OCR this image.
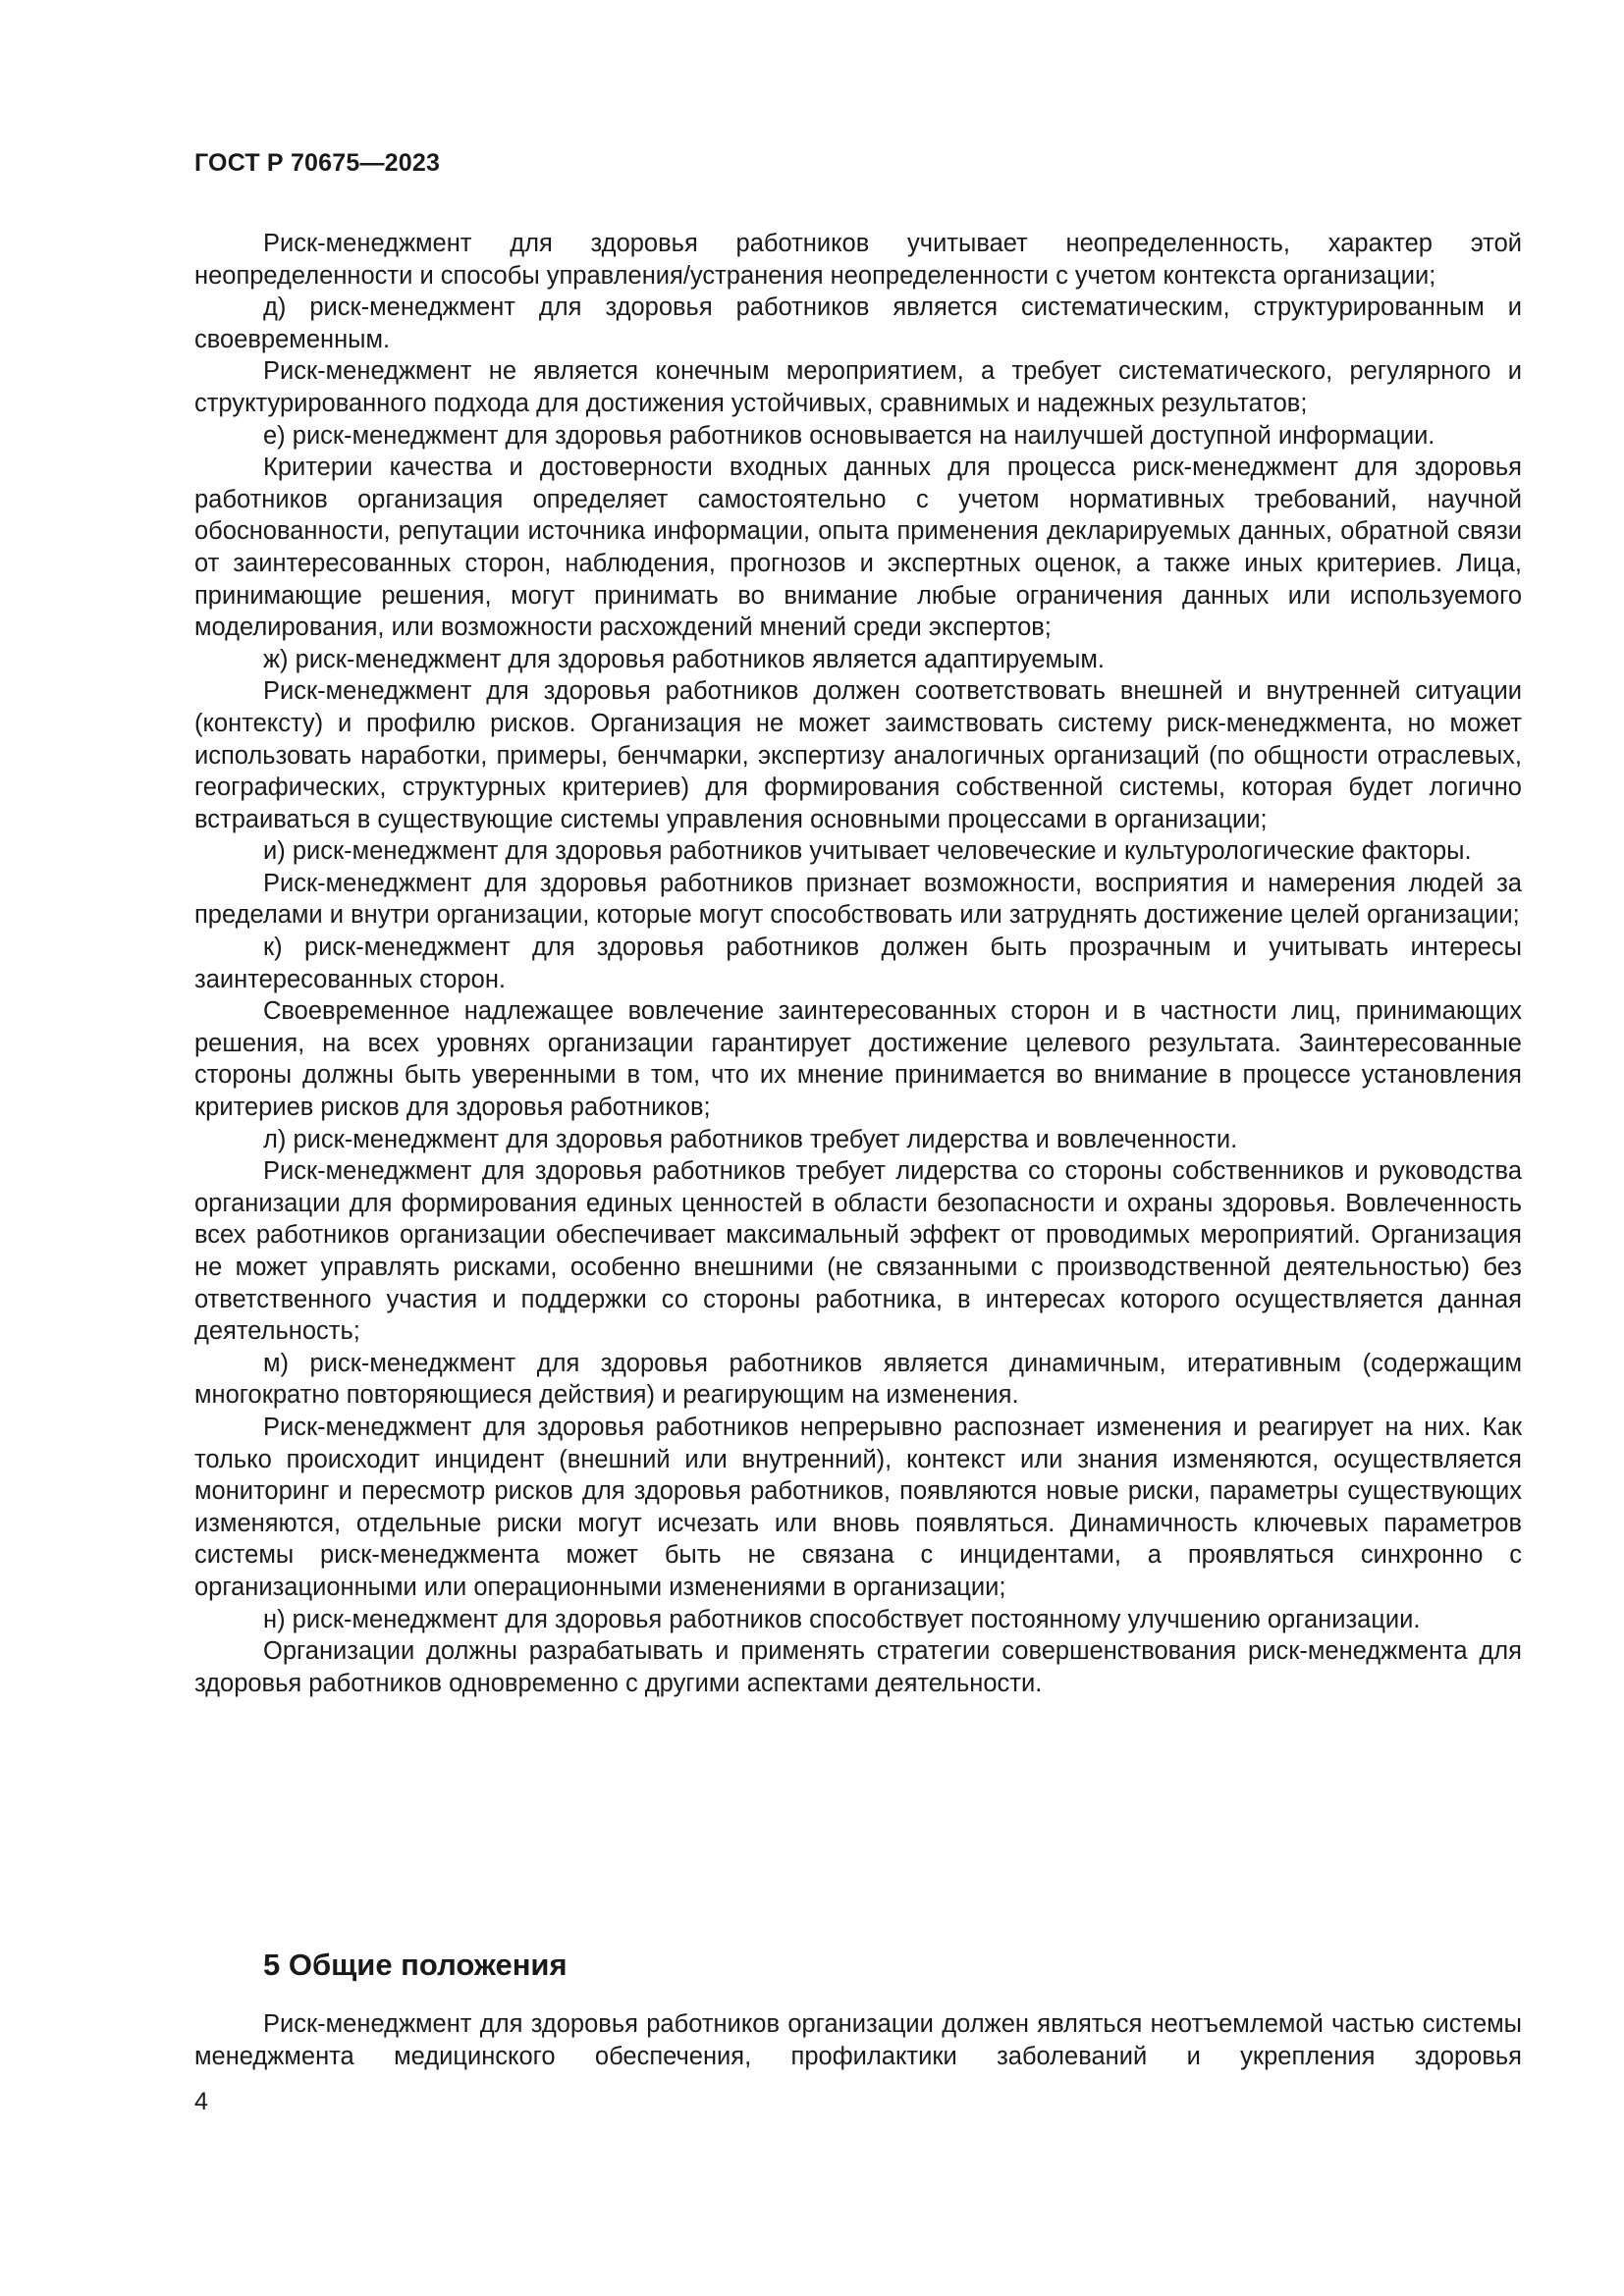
ГОСТ Р 70675—2023

Риск-менеджмент для здоровья работников учитывает неопределенность, характер этой неопределенности и способы управления/устранения неопределенности с учетом контекста организации;

д) риск-менеджмент для здоровья работников является систематическим, структурированным и своевременным.

Риск-менеджмент не является конечным мероприятием, а требует систематического, регулярного и структурированного подхода для достижения устойчивых, сравнимых и надежных результатов;

е) риск-менеджмент для здоровья работников основывается на наилучшей доступной информации.

Критерии качества и достоверности входных данных для процесса риск-менеджмент для здоровья работников организация определяет самостоятельно с учетом нормативных требований, научной обоснованности, репутации источника информации, опыта применения декларируемых данных, обратной связи от заинтересованных сторон, наблюдения, прогнозов и экспертных оценок, а также иных критериев. Лица, принимающие решения, могут принимать во внимание любые ограничения данных или используемого моделирования, или возможности расхождений мнений среди экспертов;

ж) риск-менеджмент для здоровья работников является адаптируемым.

Риск-менеджмент для здоровья работников должен соответствовать внешней и внутренней ситуации (контексту) и профилю рисков. Организация не может заимствовать систему риск-менеджмента, но может использовать наработки, примеры, бенчмарки, экспертизу аналогичных организаций (по общности отраслевых, географических, структурных критериев) для формирования собственной системы, которая будет логично встраиваться в существующие системы управления основными процессами в организации;

и) риск-менеджмент для здоровья работников учитывает человеческие и культурологические факторы.

Риск-менеджмент для здоровья работников признает возможности, восприятия и намерения людей за пределами и внутри организации, которые могут способствовать или затруднять достижение целей организации;

к) риск-менеджмент для здоровья работников должен быть прозрачным и учитывать интересы заинтересованных сторон.

Своевременное надлежащее вовлечение заинтересованных сторон и в частности лиц, принимающих решения, на всех уровнях организации гарантирует достижение целевого результата. Заинтересованные стороны должны быть уверенными в том, что их мнение принимается во внимание в процессе установления критериев рисков для здоровья работников;

л) риск-менеджмент для здоровья работников требует лидерства и вовлеченности.

Риск-менеджмент для здоровья работников требует лидерства со стороны собственников и руководства организации для формирования единых ценностей в области безопасности и охраны здоровья. Вовлеченность всех работников организации обеспечивает максимальный эффект от проводимых мероприятий. Организация не может управлять рисками, особенно внешними (не связанными с производственной деятельностью) без ответственного участия и поддержки со стороны работника, в интересах которого осуществляется данная деятельность;

м) риск-менеджмент для здоровья работников является динамичным, итеративным (содержащим многократно повторяющиеся действия) и реагирующим на изменения.

Риск-менеджмент для здоровья работников непрерывно распознает изменения и реагирует на них. Как только происходит инцидент (внешний или внутренний), контекст или знания изменяются, осуществляется мониторинг и пересмотр рисков для здоровья работников, появляются новые риски, параметры существующих изменяются, отдельные риски могут исчезать или вновь появляться. Динамичность ключевых параметров системы риск-менеджмента может быть не связана с инцидентами, а проявляться синхронно с организационными или операционными изменениями в организации;

н) риск-менеджмент для здоровья работников способствует постоянному улучшению организации.

Организации должны разрабатывать и применять стратегии совершенствования риск-менеджмента для здоровья работников одновременно с другими аспектами деятельности.

5 Общие положения

Риск-менеджмент для здоровья работников организации должен являться неотъемлемой частью системы менеджмента медицинского обеспечения, профилактики заболеваний и укрепления здоровья

4
